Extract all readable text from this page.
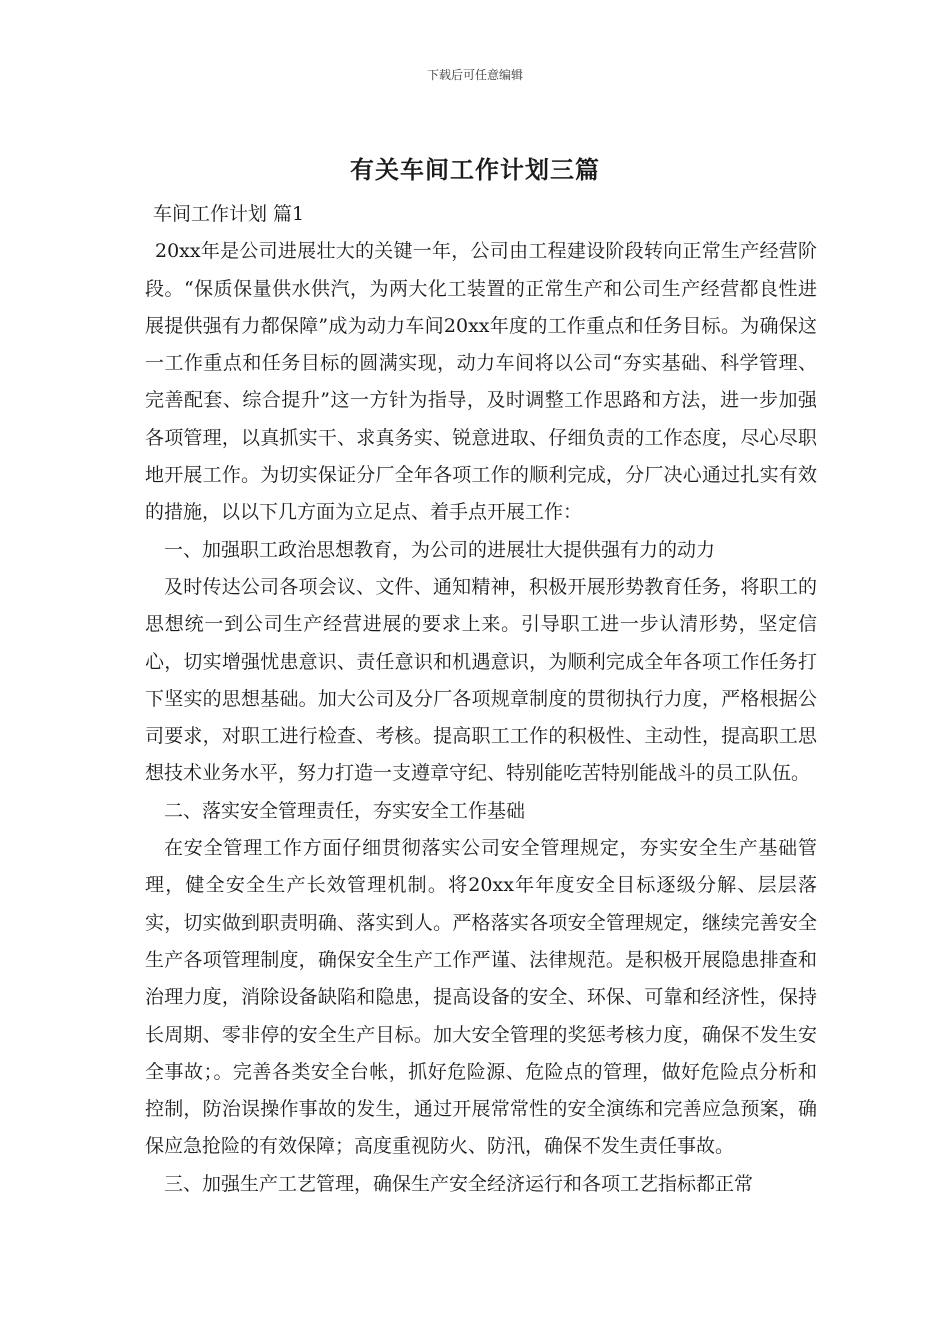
下载后可任意编辑
有关车间工作计划三篇

车间工作计划 篇1

20xx年是公司进展壮大的关键一年，公司由工程建设阶段转向正常生产经营阶段。“保质保量供水供汽，为两大化工装置的正常生产和公司生产经营都良性进展提供强有力都保障”成为动力车间20xx年度的工作重点和任务目标。为确保这一工作重点和任务目标的圆满实现，动力车间将以公司“夯实基础、科学管理、完善配套、综合提升”这一方针为指导，及时调整工作思路和方法，进一步加强各项管理，以真抓实干、求真务实、锐意进取、仔细负责的工作态度，尽心尽职地开展工作。为切实保证分厂全年各项工作的顺利完成，分厂决心通过扎实有效的措施，以以下几方面为立足点、着手点开展工作：

一、加强职工政治思想教育，为公司的进展壮大提供强有力的动力

及时传达公司各项会议、文件、通知精神，积极开展形势教育任务，将职工的思想统一到公司生产经营进展的要求上来。引导职工进一步认清形势，坚定信心，切实增强忧患意识、责任意识和机遇意识，为顺利完成全年各项工作任务打下坚实的思想基础。加大公司及分厂各项规章制度的贯彻执行力度，严格根据公司要求，对职工进行检查、考核。提高职工工作的积极性、主动性，提高职工思想技术业务水平，努力打造一支遵章守纪、特别能吃苦特别能战斗的员工队伍。

二、落实安全管理责任，夯实安全工作基础

在安全管理工作方面仔细贯彻落实公司安全管理规定，夯实安全生产基础管理，健全安全生产长效管理机制。将20xx年年度安全目标逐级分解、层层落实，切实做到职责明确、落实到人。严格落实各项安全管理规定，继续完善安全生产各项管理制度，确保安全生产工作严谨、法律规范。是积极开展隐患排查和治理力度，消除设备缺陷和隐患，提高设备的安全、环保、可靠和经济性，保持长周期、零非停的安全生产目标。加大安全管理的奖惩考核力度，确保不发生安全事故；。完善各类安全台帐，抓好危险源、危险点的管理，做好危险点分析和控制，防治误操作事故的发生，通过开展常常性的安全演练和完善应急预案，确保应急抢险的有效保障；高度重视防火、防汛，确保不发生责任事故。

三、加强生产工艺管理，确保生产安全经济运行和各项工艺指标都正常
